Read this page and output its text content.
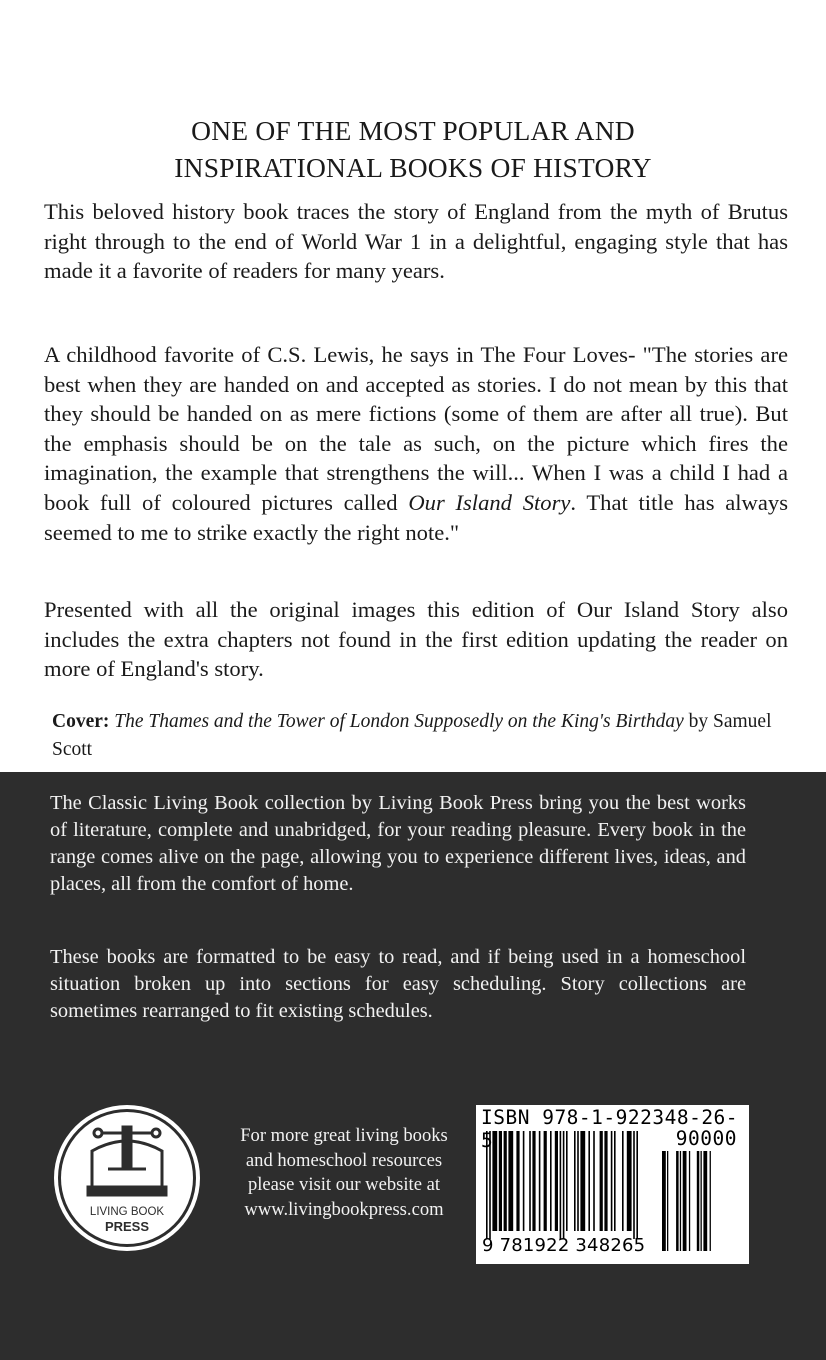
ONE OF THE MOST POPULAR AND
INSPIRATIONAL BOOKS OF HISTORY
This beloved history book traces the story of England from the myth of Brutus right through to the end of World War 1 in a delightful, engaging style that has made it a favorite of readers for many years.
A childhood favorite of C.S. Lewis, he says in The Four Loves- "The stories are best when they are handed on and accepted as stories. I do not mean by this that they should be handed on as mere fictions (some of them are after all true). But the emphasis should be on the tale as such, on the picture which fires the imagination, the example that strengthens the will... When I was a child I had a book full of coloured pictures called Our Island Story. That title has always seemed to me to strike exactly the right note."
Presented with all the original images this edition of Our Island Story also includes the extra chapters not found in the first edition updating the reader on more of England's story.
Cover: The Thames and the Tower of London Supposedly on the King's Birthday by Samuel Scott
The Classic Living Book collection by Living Book Press bring you the best works of literature, complete and unabridged, for your reading pleasure. Every book in the range comes alive on the page, allowing you to experience different lives, ideas, and places, all from the comfort of home.
These books are formatted to be easy to read, and if being used in a homeschool situation broken up into sections for easy scheduling. Story collections are sometimes rearranged to fit existing schedules.
LIVING BOOK
PRESS
For more great living books
and homeschool resources
please visit our website at
www.livingbookpress.com
ISBN 978-1-922348-26-5	90000
9 781922 348265
